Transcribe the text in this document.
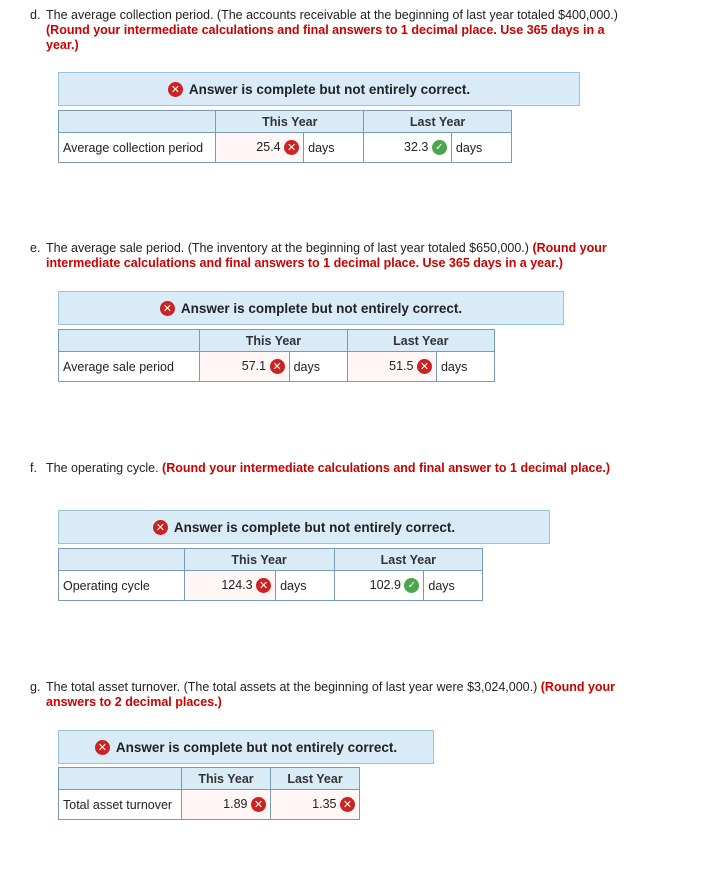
d. The average collection period. (The accounts receivable at the beginning of last year totaled $400,000.) (Round your intermediate calculations and final answers to 1 decimal place. Use 365 days in a year.)
✕ Answer is complete but not entirely correct.
	This Year		Last Year	
Average collection period	25.4 ✕	days	32.3 ✓	days
e. The average sale period. (The inventory at the beginning of last year totaled $650,000.) (Round your intermediate calculations and final answers to 1 decimal place. Use 365 days in a year.)
✕ Answer is complete but not entirely correct.
	This Year		Last Year	
Average sale period	57.1 ✕	days	51.5 ✕	days
f. The operating cycle. (Round your intermediate calculations and final answer to 1 decimal place.)
✕ Answer is complete but not entirely correct.
	This Year		Last Year	
Operating cycle	124.3 ✕	days	102.9 ✓	days
g. The total asset turnover. (The total assets at the beginning of last year were $3,024,000.) (Round your answers to 2 decimal places.)
✕ Answer is complete but not entirely correct.
	This Year	Last Year
Total asset turnover	1.89 ✕	1.35 ✕
